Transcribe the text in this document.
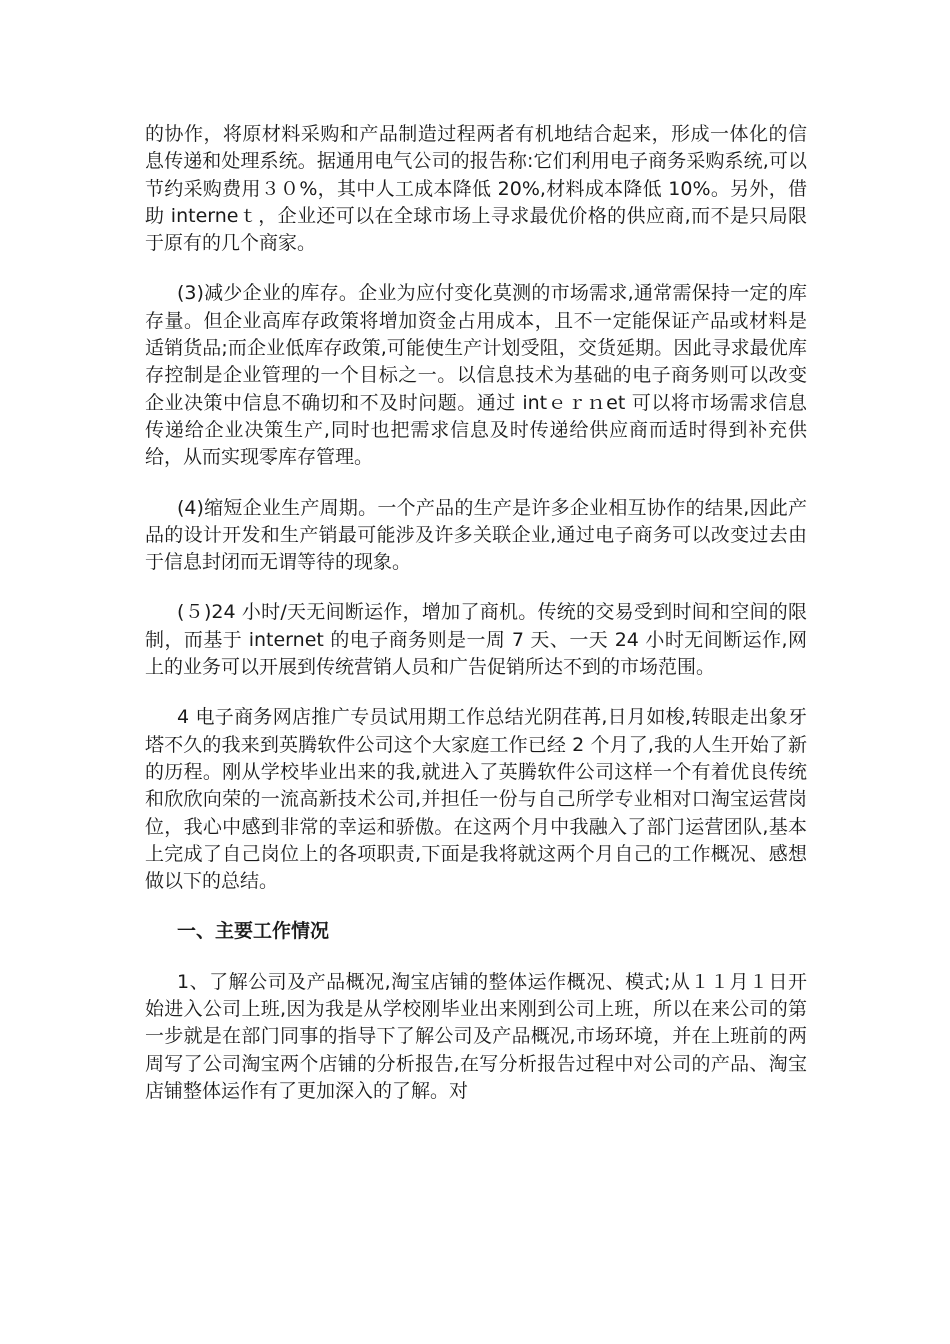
的协作，将原材料采购和产品制造过程两者有机地结合起来，形成一体化的信息传递和处理系统。据通用电气公司的报告称:它们利用电子商务采购系统,可以节约采购费用３０%，其中人工成本降低 20%,材料成本降低 10%。另外，借助 interneｔ，企业还可以在全球市场上寻求最优价格的供应商,而不是只局限于原有的几个商家。

(3)减少企业的库存。企业为应付变化莫测的市场需求,通常需保持一定的库存量。但企业高库存政策将增加资金占用成本，且不一定能保证产品或材料是适销货品;而企业低库存政策,可能使生产计划受阻，交货延期。因此寻求最优库存控制是企业管理的一个目标之一。以信息技术为基础的电子商务则可以改变企业决策中信息不确切和不及时问题。通过 intｅｒｎet 可以将市场需求信息传递给企业决策生产,同时也把需求信息及时传递给供应商而适时得到补充供给，从而实现零库存管理。

(4)缩短企业生产周期。一个产品的生产是许多企业相互协作的结果,因此产品的设计开发和生产销最可能涉及许多关联企业,通过电子商务可以改变过去由于信息封闭而无谓等待的现象。

(５)24 小时/天无间断运作，增加了商机。传统的交易受到时间和空间的限制，而基于 internet 的电子商务则是一周 7 天、一天 24 小时无间断运作,网上的业务可以开展到传统营销人员和广告促销所达不到的市场范围。

4 电子商务网店推广专员试用期工作总结光阴荏苒,日月如梭,转眼走出象牙塔不久的我来到英腾软件公司这个大家庭工作已经 2 个月了,我的人生开始了新的历程。刚从学校毕业出来的我,就进入了英腾软件公司这样一个有着优良传统和欣欣向荣的一流高新技术公司,并担任一份与自己所学专业相对口淘宝运营岗位，我心中感到非常的幸运和骄傲。在这两个月中我融入了部门运营团队,基本上完成了自己岗位上的各项职责,下面是我将就这两个月自己的工作概况、感想做以下的总结。

一、主要工作情况

1、了解公司及产品概况,淘宝店铺的整体运作概况、模式;从１１月１日开始进入公司上班,因为我是从学校刚毕业出来刚到公司上班，所以在来公司的第一步就是在部门同事的指导下了解公司及产品概况,市场环境，并在上班前的两周写了公司淘宝两个店铺的分析报告,在写分析报告过程中对公司的产品、淘宝店铺整体运作有了更加深入的了解。对
